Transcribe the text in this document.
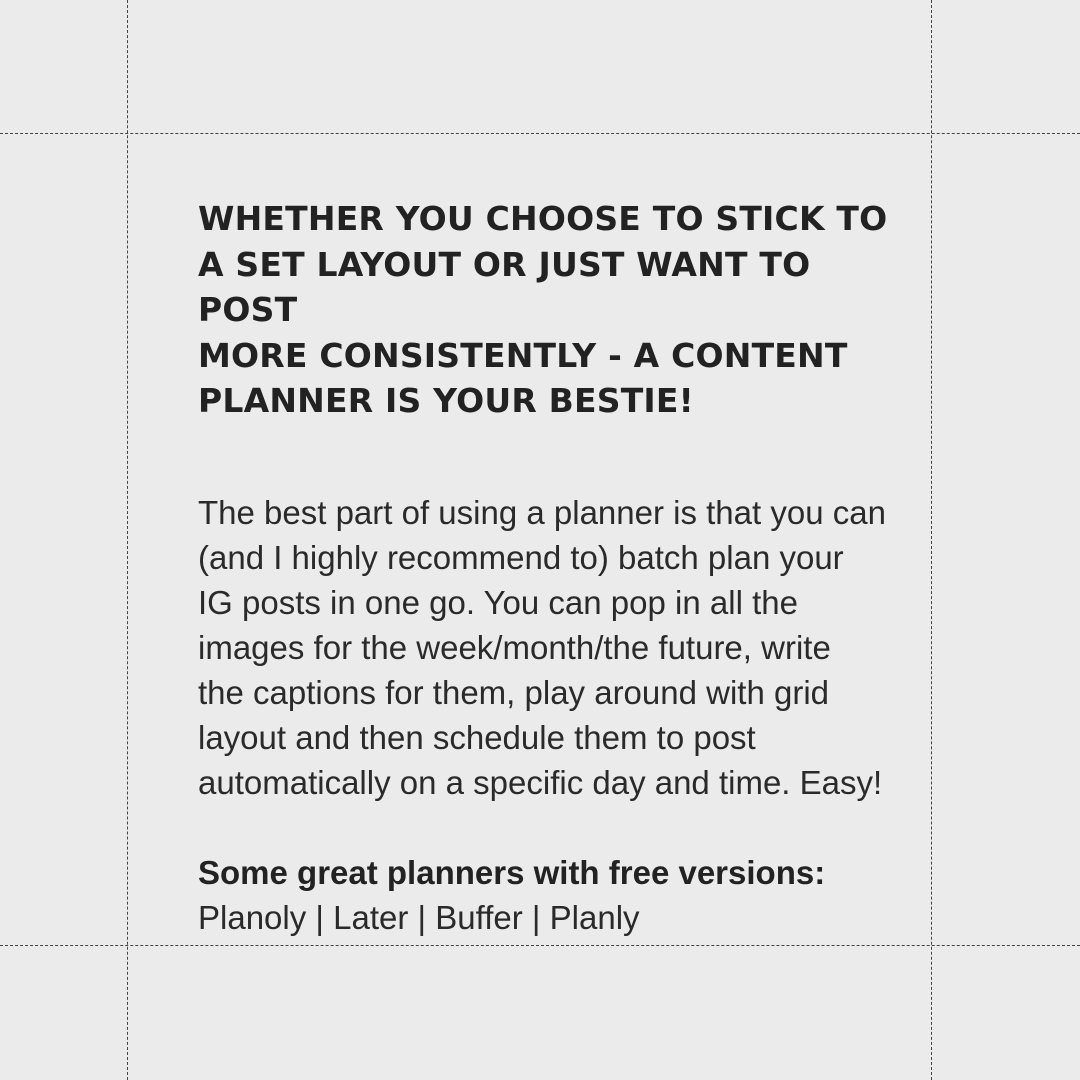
WHETHER YOU CHOOSE TO STICK TO
A SET LAYOUT OR JUST WANT TO POST
MORE CONSISTENTLY - A CONTENT
PLANNER IS YOUR BESTIE!
The best part of using a planner is that you can
(and I highly recommend to) batch plan your
IG posts in one go. You can pop in all the
images for the week/month/the future, write
the captions for them, play around with grid
layout and then schedule them to post
automatically on a specific day and time. Easy!
Some great planners with free versions:
Planoly | Later | Buffer | Planly
